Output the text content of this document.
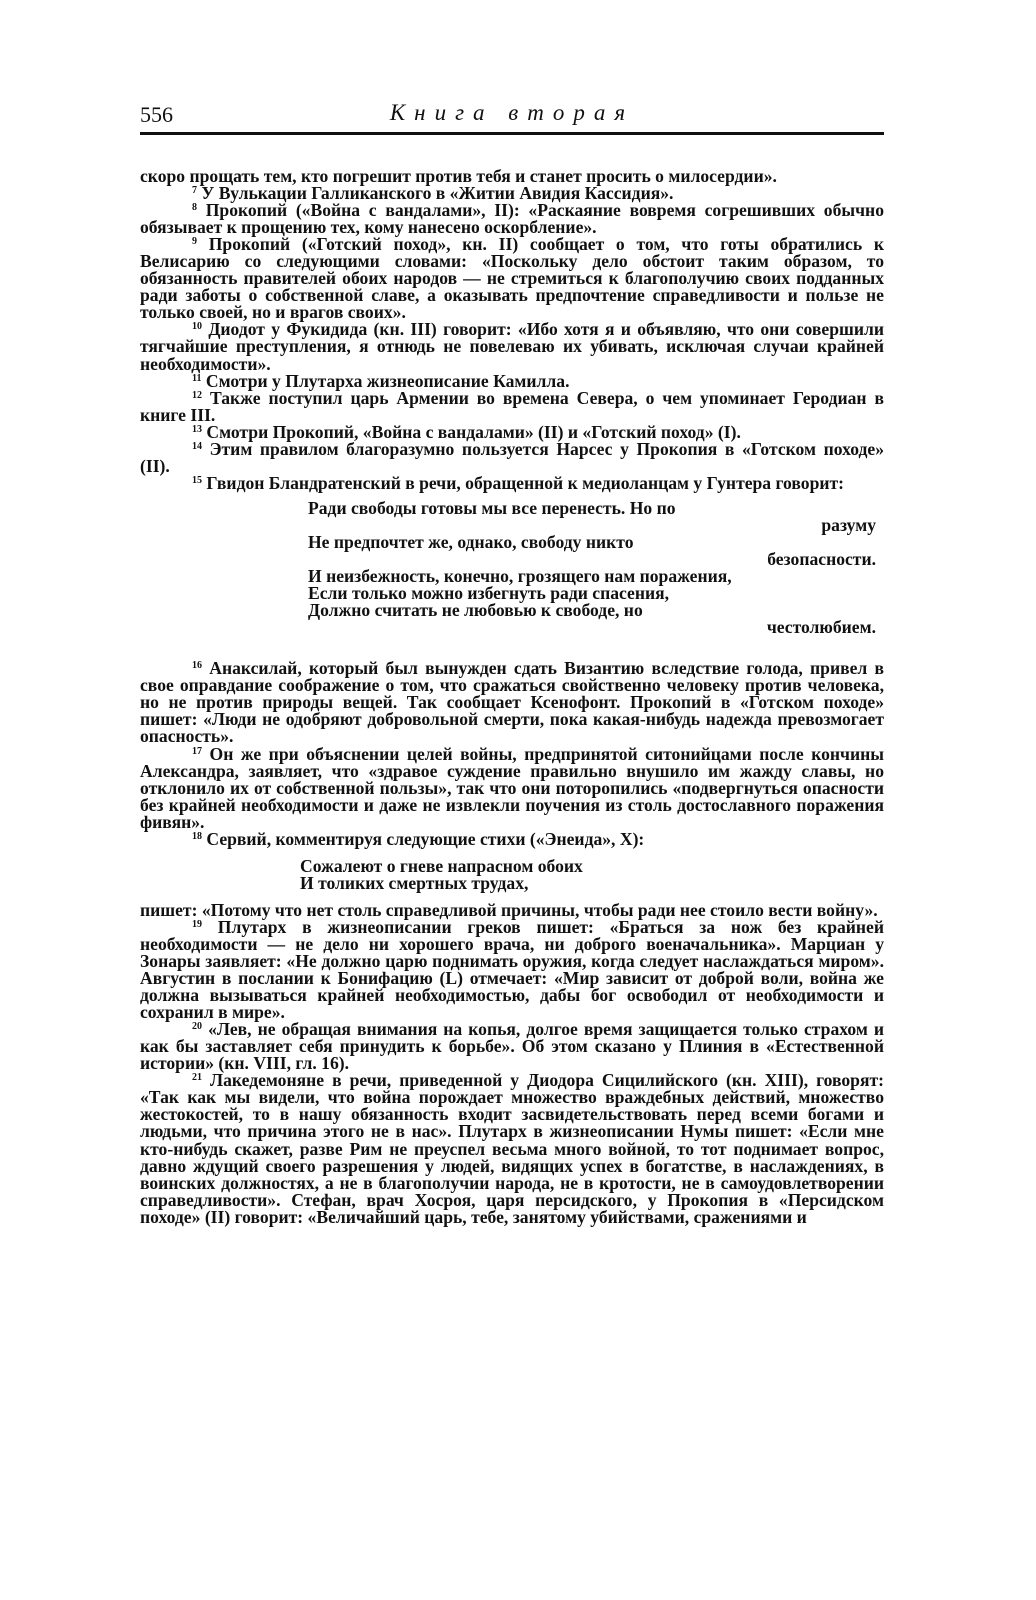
556	Книга вторая

скоро прощать тем, кто погрешит против тебя и станет просить о милосердии».

$^7$ У Вулькации Галликанского в «Житии Авидия Кассидия».

$^8$ Прокопий («Война с вандалами», II): «Раскаяние вовремя согрешивших обычно обязывает к прощению тех, кому нанесено оскорбление».

$^9$ Прокопий («Готский поход», кн. II) сообщает о том, что готы обратились к Велисарию со следующими словами: «Поскольку дело обстоит таким образом, то обязанность правителей обоих народов — не стремиться к благополучию своих подданных ради заботы о собственной славе, а оказывать предпочтение справедливости и пользе не только своей, но и врагов своих».

$^{10}$ Диодот у Фукидида (кн. III) говорит: «Ибо хотя я и объявляю, что они совершили тягчайшие преступления, я отнюдь не повелеваю их убивать, исключая случаи крайней необходимости».

$^{11}$ Смотри у Плутарха жизнеописание Камилла.

$^{12}$ Также поступил царь Армении во времена Севера, о чем упоминает Геродиан в книге III.

$^{13}$ Смотри Прокопий, «Война с вандалами» (II) и «Готский поход» (I).

$^{14}$ Этим правилом благоразумно пользуется Нарсес у Прокопия в «Готском походе» (II).

$^{15}$ Гвидон Бландратенский в речи, обращенной к медиоланцам у Гунтера говорит:

Ради свободы готовы мы все перенесть. Но по
разуму
Не предпочтет же, однако, свободу никто
безопасности.
И неизбежность, конечно, грозящего нам поражения,
Если только можно избегнуть ради спасения,
Должно считать не любовью к свободе, но
честолюбием.

$^{16}$ Анаксилай, который был вынужден сдать Византию вследствие голода, привел в свое оправдание соображение о том, что сражаться свойственно человеку против человека, но не против природы вещей. Так сообщает Ксенофонт. Прокопий в «Готском походе» пишет: «Люди не одобряют добровольной смерти, пока какая-нибудь надежда превозмогает опасность».

$^{17}$ Он же при объяснении целей войны, предпринятой ситонийцами после кончины Александра, заявляет, что «здравое суждение правильно внушило им жажду славы, но отклонило их от собственной пользы», так что они поторопились «подвергнуться опасности без крайней необходимости и даже не извлекли поучения из столь достославного поражения фивян».

$^{18}$ Сервий, комментируя следующие стихи («Энеида», X):

Сожалеют о гневе напрасном обоих
И толиких смертных трудах,

пишет: «Потому что нет столь справедливой причины, чтобы ради нее стоило вести войну».

$^{19}$ Плутарх в жизнеописании греков пишет: «Браться за нож без крайней необходимости — не дело ни хорошего врача, ни доброго военачальника». Марциан у Зонары заявляет: «Не должно царю поднимать оружия, когда следует наслаждаться миром». Августин в послании к Бонифацию (L) отмечает: «Мир зависит от доброй воли, война же должна вызываться крайней необходимостью, дабы бог освободил от необходимости и сохранил в мире».

$^{20}$ «Лев, не обращая внимания на копья, долгое время защищается только страхом и как бы заставляет себя принудить к борьбе». Об этом сказано у Плиния в «Естественной истории» (кн. VIII, гл. 16).

$^{21}$ Лакедемоняне в речи, приведенной у Диодора Сицилийского (кн. XIII), говорят: «Так как мы видели, что война порождает множество враждебных действий, множество жестокостей, то в нашу обязанность входит засвидетельствовать перед всеми богами и людьми, что причина этого не в нас». Плутарх в жизнеописании Нумы пишет: «Если мне кто-нибудь скажет, разве Рим не преуспел весьма много войной, то тот поднимает вопрос, давно ждущий своего разрешения у людей, видящих успех в богатстве, в наслаждениях, в воинских должностях, а не в благополучии народа, не в кротости, не в самоудовлетворении справедливости». Стефан, врач Хосроя, царя персидского, у Прокопия в «Персидском походе» (II) говорит: «Величайший царь, тебе, занятому убийствами, сражениями и
